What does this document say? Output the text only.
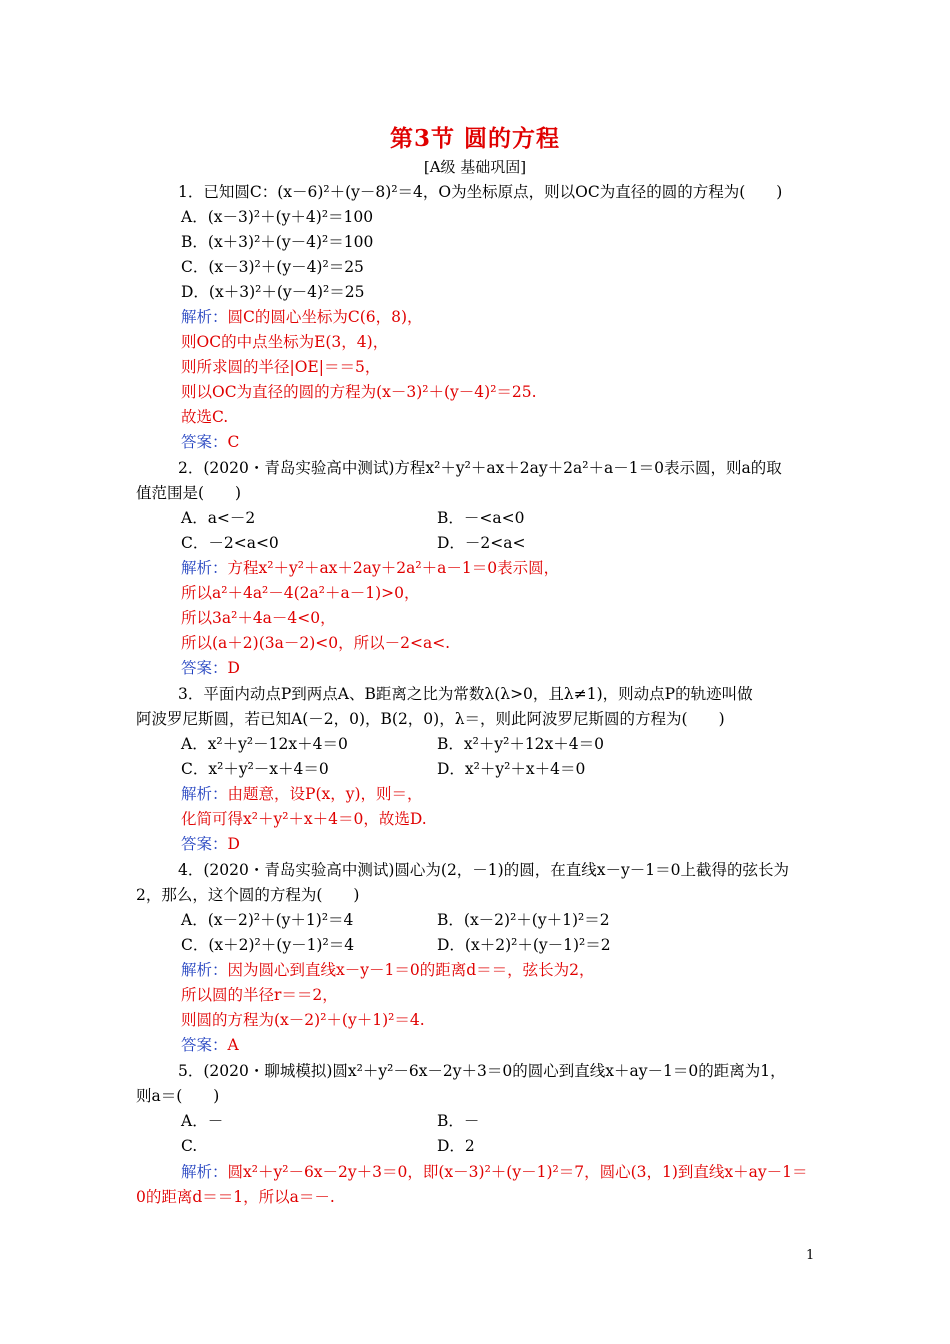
第3节 圆的方程
[A级 基础巩固]
1．已知圆C：(x－6)²＋(y－8)²＝4，O为坐标原点，则以OC为直径的圆的方程为(　　)
A．(x－3)²＋(y＋4)²＝100
B．(x＋3)²＋(y－4)²＝100
C．(x－3)²＋(y－4)²＝25
D．(x＋3)²＋(y－4)²＝25
解析：圆C的圆心坐标为C(6，8)，
则OC的中点坐标为E(3，4)，
则所求圆的半径|OE|＝＝5，
则以OC为直径的圆的方程为(x－3)²＋(y－4)²＝25.
故选C.
答案：C
2．(2020・青岛实验高中测试)方程x²＋y²＋ax＋2ay＋2a²＋a－1＝0表示圆，则a的取
值范围是(　　)
A．a<－2	B．－<a<0
C．－2<a<0	D．－2<a<
解析：方程x²＋y²＋ax＋2ay＋2a²＋a－1＝0表示圆，
所以a²＋4a²－4(2a²＋a－1)>0，
所以3a²＋4a－4<0，
所以(a＋2)(3a－2)<0，所以－2<a<.
答案：D
3．平面内动点P到两点A、B距离之比为常数λ(λ>0，且λ≠1)，则动点P的轨迹叫做
阿波罗尼斯圆，若已知A(－2，0)，B(2，0)，λ＝，则此阿波罗尼斯圆的方程为(　　)
A．x²＋y²－12x＋4＝0	B．x²＋y²＋12x＋4＝0
C．x²＋y²－x＋4＝0	D．x²＋y²＋x＋4＝0
解析：由题意，设P(x，y)，则＝，
化简可得x²＋y²＋x＋4＝0，故选D.
答案：D
4．(2020・青岛实验高中测试)圆心为(2，－1)的圆，在直线x－y－1＝0上截得的弦长为
2，那么，这个圆的方程为(　　)
A．(x－2)²＋(y＋1)²＝4	B．(x－2)²＋(y＋1)²＝2
C．(x＋2)²＋(y－1)²＝4	D．(x＋2)²＋(y－1)²＝2
解析：因为圆心到直线x－y－1＝0的距离d＝＝，弦长为2，
所以圆的半径r＝＝2，
则圆的方程为(x－2)²＋(y＋1)²＝4.
答案：A
5．(2020・聊城模拟)圆x²＋y²－6x－2y＋3＝0的圆心到直线x＋ay－1＝0的距离为1，
则a＝(　　)
A．－	B．－
C.	D．2
解析：圆x²＋y²－6x－2y＋3＝0，即(x－3)²＋(y－1)²＝7，圆心(3，1)到直线x＋ay－1＝
0的距离d＝＝1，所以a＝－.
1
